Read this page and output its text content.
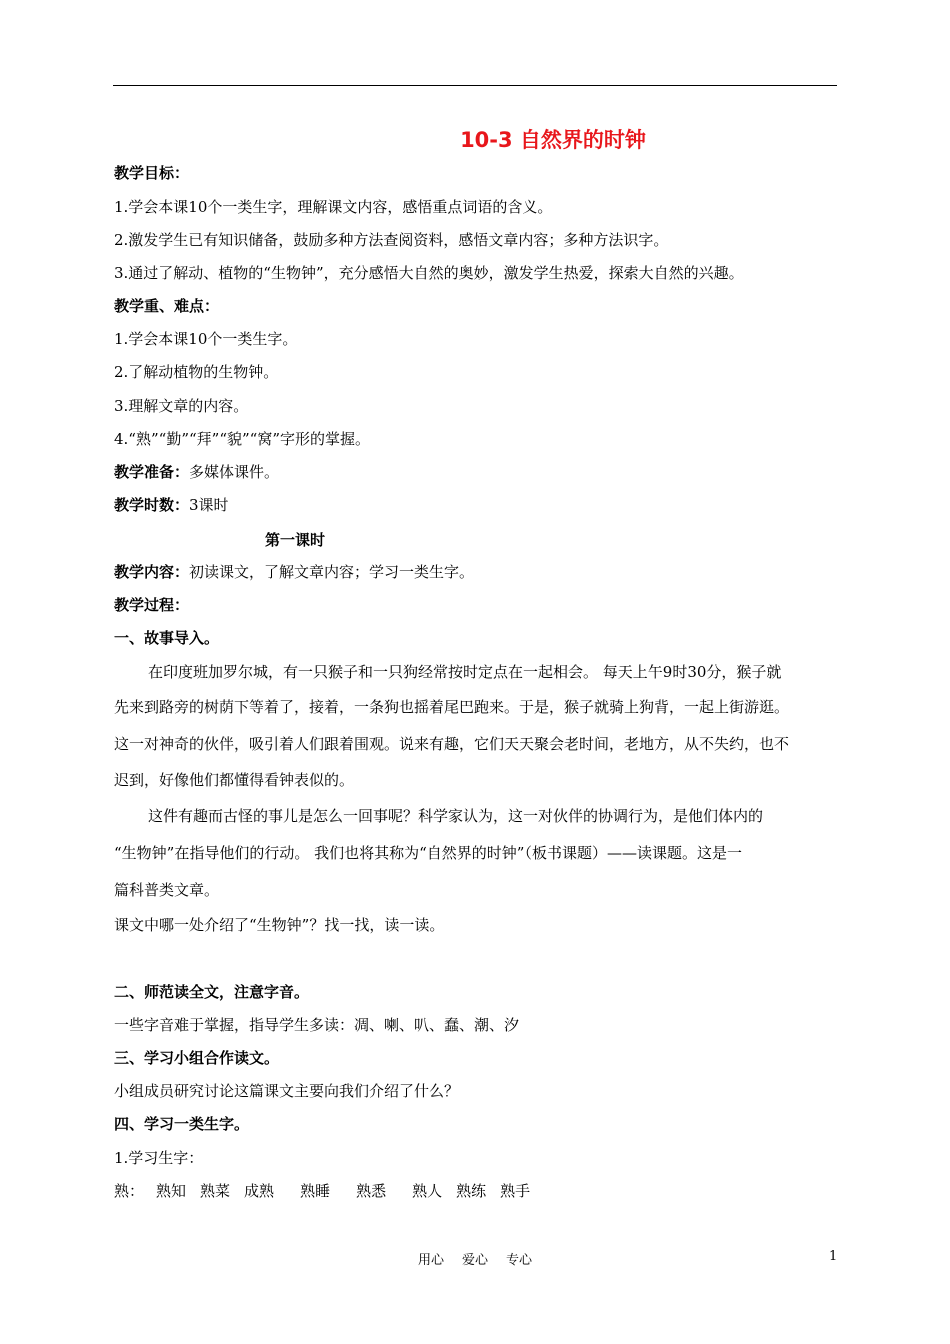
10-3 自然界的时钟
教学目标：
1.学会本课10个一类生字，理解课文内容，感悟重点词语的含义。
2.激发学生已有知识储备，鼓励多种方法查阅资料，感悟文章内容；多种方法识字。
3.通过了解动、植物的“生物钟”，充分感悟大自然的奥妙，激发学生热爱，探索大自然的兴趣。
教学重、难点：
1.学会本课10个一类生字。
2.了解动植物的生物钟。
3.理解文章的内容。
4.“熟”“勤”“拜”“貌”“窝”字形的掌握。
教学准备：多媒体课件。
教学时数：3课时
第一课时
教学内容：初读课文，了解文章内容；学习一类生字。
教学过程：
一、故事导入。
在印度班加罗尔城，有一只猴子和一只狗经常按时定点在一起相会。 每天上午9时30分，猴子就
先来到路旁的树荫下等着了，接着，一条狗也摇着尾巴跑来。于是，猴子就骑上狗背，一起上街游逛。
这一对神奇的伙伴，吸引着人们跟着围观。说来有趣，它们天天聚会老时间，老地方，从不失约，也不
迟到，好像他们都懂得看钟表似的。
这件有趣而古怪的事儿是怎么一回事呢？科学家认为，这一对伙伴的协调行为，是他们体内的
“生物钟”在指导他们的行动。 我们也将其称为“自然界的时钟”（板书课题）——读课题。这是一
篇科普类文章。
课文中哪一处介绍了“生物钟”？找一找，读一读。
二、师范读全文，注意字音。
一些字音难于掌握，指导学生多读：凋、喇、叭、蠢、潮、汐
三、学习小组合作读文。
小组成员研究讨论这篇课文主要向我们介绍了什么？
四、学习一类生字。
1.学习生字：
熟： 熟知 熟菜 成熟 熟睡 熟悉 熟人 熟练 熟手
用心 爱心 专心	1
